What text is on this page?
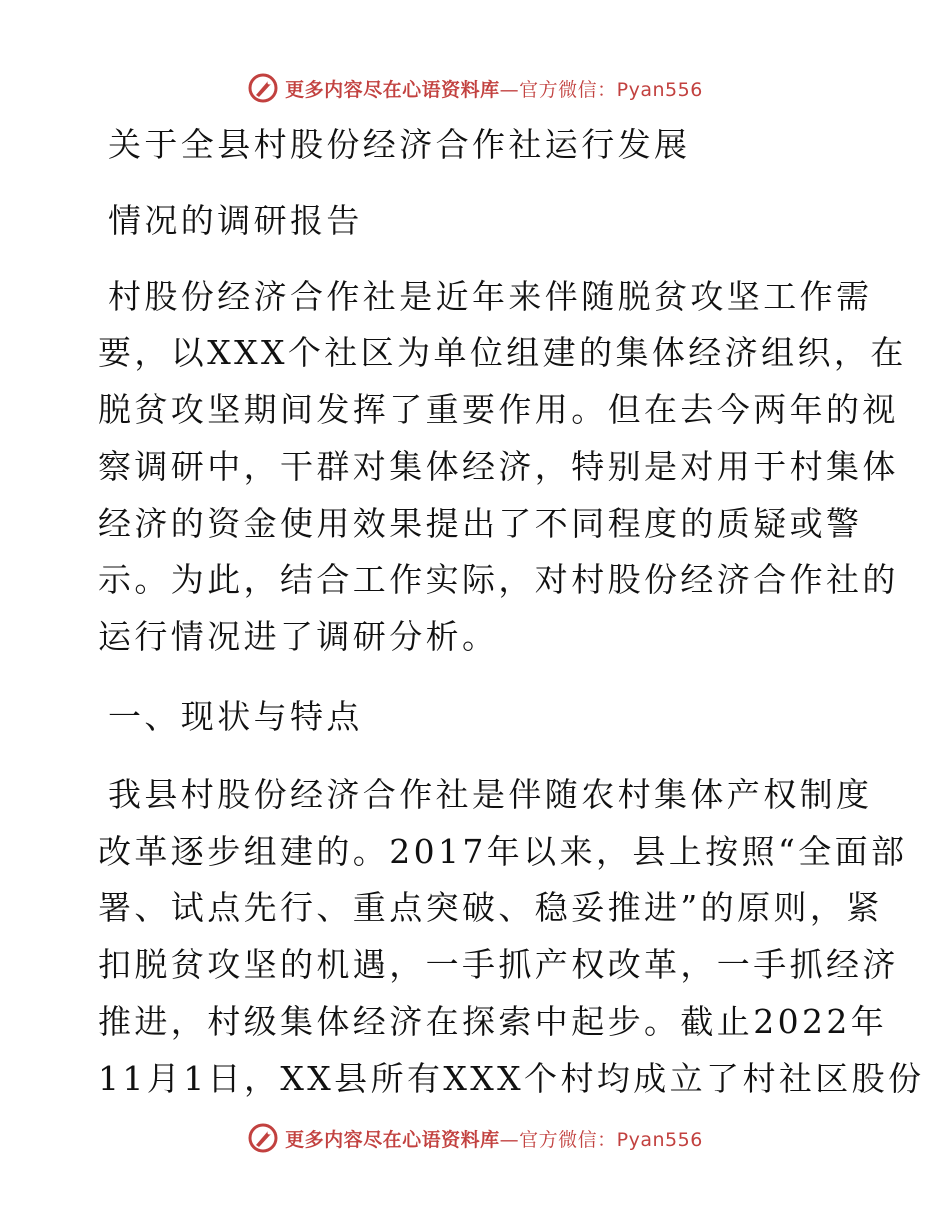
更多内容尽在心语资料库—官方微信：Pyan556

关于全县村股份经济合作社运行发展

情况的调研报告

村股份经济合作社是近年来伴随脱贫攻坚工作需

要，以XXX个社区为单位组建的集体经济组织，在

脱贫攻坚期间发挥了重要作用。但在去今两年的视

察调研中，干群对集体经济，特别是对用于村集体

经济的资金使用效果提出了不同程度的质疑或警

示。为此，结合工作实际，对村股份经济合作社的

运行情况进了调研分析。

一、现状与特点

我县村股份经济合作社是伴随农村集体产权制度

改革逐步组建的。2017年以来，县上按照“全面部

署、试点先行、重点突破、稳妥推进”的原则，紧

扣脱贫攻坚的机遇，一手抓产权改革，一手抓经济

推进，村级集体经济在探索中起步。截止2022年

11月1日，XX县所有XXX个村均成立了村社区股份

更多内容尽在心语资料库—官方微信：Pyan556
